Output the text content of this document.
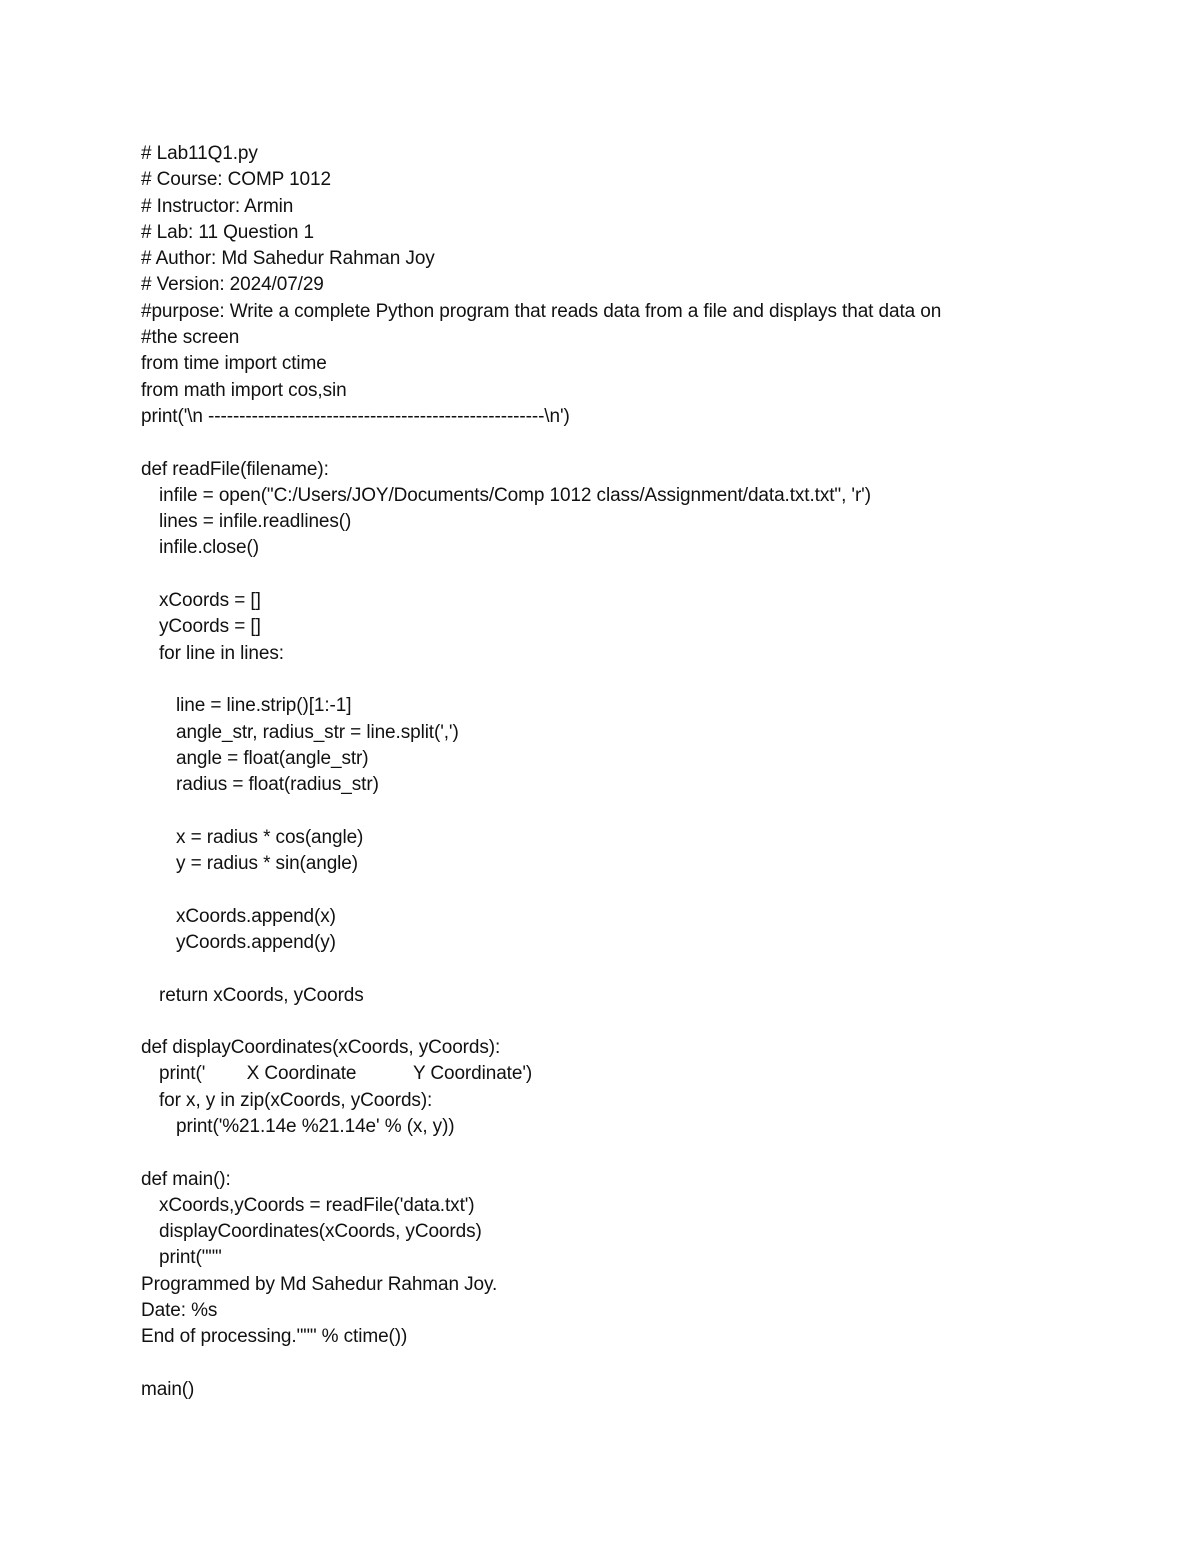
# Lab11Q1.py
# Course: COMP 1012
# Instructor: Armin
# Lab: 11 Question 1
# Author: Md Sahedur Rahman Joy
# Version: 2024/07/29
#purpose: Write a complete Python program that reads data from a file and displays that data on
#the screen
from time import ctime
from math import cos,sin
print('\n ------------------------------------------------------\n')
def readFile(filename):
infile = open("C:/Users/JOY/Documents/Comp 1012 class/Assignment/data.txt.txt", 'r')
lines = infile.readlines()
infile.close()
xCoords = []
yCoords = []
for line in lines:
line = line.strip()[1:-1]
angle_str, radius_str = line.split(',')
angle = float(angle_str)
radius = float(radius_str)
x = radius * cos(angle)
y = radius * sin(angle)
xCoords.append(x)
yCoords.append(y)
return xCoords, yCoords
def displayCoordinates(xCoords, yCoords):
print('        X Coordinate           Y Coordinate')
for x, y in zip(xCoords, yCoords):
print('%21.14e %21.14e' % (x, y))
def main():
xCoords,yCoords = readFile('data.txt')
displayCoordinates(xCoords, yCoords)
print("""
Programmed by Md Sahedur Rahman Joy.
Date: %s
End of processing.""" % ctime())
main()
